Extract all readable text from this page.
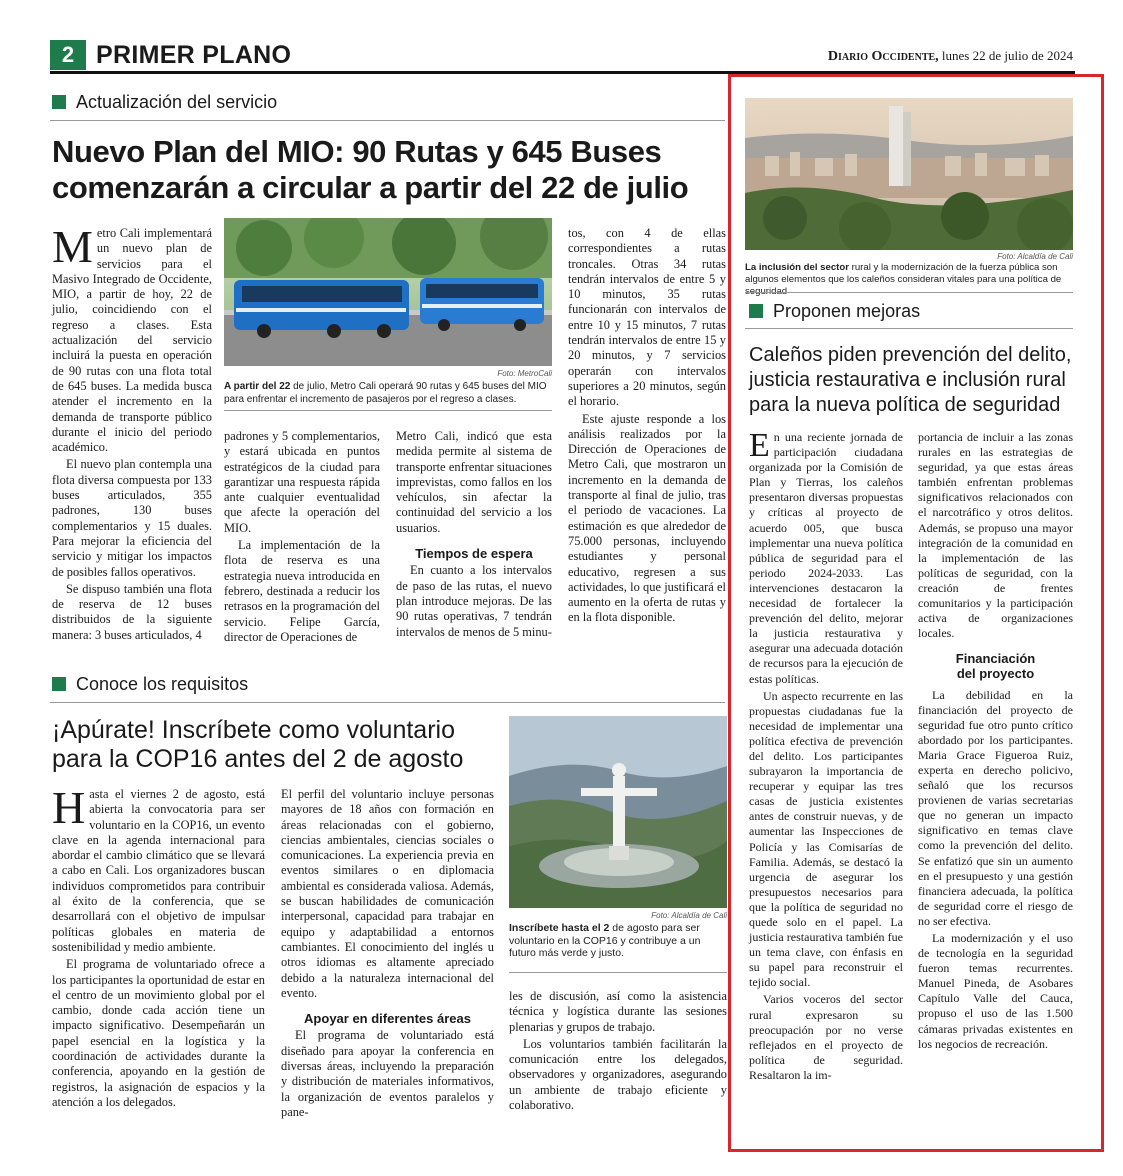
2 PRIMER PLANO	Diario Occidente, lunes 22 de julio de 2024
Actualización del servicio
Nuevo Plan del MIO: 90 Rutas y 645 Buses
comenzarán a circular a partir del 22 de julio
Foto: MetroCali
A partir del 22 de julio, Metro Cali operará 90 rutas y 645 buses del MIO para enfrentar el incremento de pasajeros por el regreso a clases.

Metro Cali implementará un nuevo plan de servicios para el Masivo Integrado de Occidente, MIO, a partir de hoy, 22 de julio, coincidiendo con el regreso a clases. Esta actualización del servicio incluirá la puesta en operación de 90 rutas con una flota total de 645 buses. La medida busca atender el incremento en la demanda de transporte público durante el inicio del periodo académico.

El nuevo plan contempla una flota diversa compuesta por 133 buses articulados, 355 padrones, 130 buses complementarios y 15 duales. Para mejorar la eficiencia del servicio y mitigar los impactos de posibles fallos operativos.

Se dispuso también una flota de reserva de 12 buses distribuidos de la siguiente manera: 3 buses articulados, 4

padrones y 5 complementarios, y estará ubicada en puntos estratégicos de la ciudad para garantizar una respuesta rápida ante cualquier eventualidad que afecte la operación del MIO.

La implementación de la flota de reserva es una estrategia nueva introducida en febrero, destinada a reducir los retrasos en la programación del servicio. Felipe García, director de Operaciones de

Metro Cali, indicó que esta medida permite al sistema de transporte enfrentar situaciones imprevistas, como fallos en los vehículos, sin afectar la continuidad del servicio a los usuarios.

Tiempos de espera

En cuanto a los intervalos de paso de las rutas, el nuevo plan introduce mejoras. De las 90 rutas operativas, 7 tendrán intervalos de menos de 5 minu-

tos, con 4 de ellas correspondientes a rutas troncales. Otras 34 rutas tendrán intervalos de entre 5 y 10 minutos, 35 rutas funcionarán con intervalos de entre 10 y 15 minutos, 7 rutas tendrán intervalos de entre 15 y 20 minutos, y 7 servicios operarán con intervalos superiores a 20 minutos, según el horario.

Este ajuste responde a los análisis realizados por la Dirección de Operaciones de Metro Cali, que mostraron un incremento en la demanda de transporte al final de julio, tras el periodo de vacaciones. La estimación es que alrededor de 75.000 personas, incluyendo estudiantes y personal educativo, regresen a sus actividades, lo que justificará el aumento en la oferta de rutas y en la flota disponible.

Conoce los requisitos
¡Apúrate! Inscríbete como voluntario
para la COP16 antes del 2 de agosto
Foto: Alcaldía de Cali
Inscríbete hasta el 2 de agosto para ser voluntario en la COP16 y contribuye a un futuro más verde y justo.

Hasta el viernes 2 de agosto, está abierta la convocatoria para ser voluntario en la COP16, un evento clave en la agenda internacional para abordar el cambio climático que se llevará a cabo en Cali. Los organizadores buscan individuos comprometidos para contribuir al éxito de la conferencia, que se desarrollará con el objetivo de impulsar políticas globales en materia de sostenibilidad y medio ambiente.

El programa de voluntariado ofrece a los participantes la oportunidad de estar en el centro de un movimiento global por el cambio, donde cada acción tiene un impacto significativo. Desempeñarán un papel esencial en la logística y la coordinación de actividades durante la conferencia, apoyando en la gestión de registros, la asignación de espacios y la atención a los delegados.

El perfil del voluntario incluye personas mayores de 18 años con formación en áreas relacionadas con el gobierno, ciencias ambientales, ciencias sociales o comunicaciones. La experiencia previa en eventos similares o en diplomacia ambiental es considerada valiosa. Además, se buscan habilidades de comunicación interpersonal, capacidad para trabajar en equipo y adaptabilidad a entornos cambiantes. El conocimiento del inglés u otros idiomas es altamente apreciado debido a la naturaleza internacional del evento.

Apoyar en diferentes áreas

El programa de voluntariado está diseñado para apoyar la conferencia en diversas áreas, incluyendo la preparación y distribución de materiales informativos, la organización de eventos paralelos y pane-

les de discusión, así como la asistencia técnica y logística durante las sesiones plenarias y grupos de trabajo.

Los voluntarios también facilitarán la comunicación entre los delegados, observadores y organizadores, asegurando un ambiente de trabajo eficiente y colaborativo.

Foto: Alcaldía de Cali
La inclusión del sector rural y la modernización de la fuerza pública son algunos elementos que los caleños consideran vitales para una política de
Proponen mejoras
Caleños piden prevención del delito,
justicia restaurativa e inclusión rural
para la nueva política de seguridad

En una reciente jornada de participación ciudadana organizada por la Comisión de Plan y Tierras, los caleños presentaron diversas propuestas y críticas al proyecto de acuerdo 005, que busca implementar una nueva política pública de seguridad para el periodo 2024-2033. Las intervenciones destacaron la necesidad de fortalecer la prevención del delito, mejorar la justicia restaurativa y asegurar una adecuada dotación de recursos para la ejecución de estas políticas.

Un aspecto recurrente en las propuestas ciudadanas fue la necesidad de implementar una política efectiva de prevención del delito. Los participantes subrayaron la importancia de recuperar y equipar las tres casas de justicia existentes antes de construir nuevas, y de aumentar las Inspecciones de Policía y las Comisarías de Familia. Además, se destacó la urgencia de asegurar los presupuestos necesarios para que la política de seguridad no quede solo en el papel. La justicia restaurativa también fue un tema clave, con énfasis en su papel para reconstruir el tejido social.

Varios voceros del sector rural expresaron su preocupación por no verse reflejados en el proyecto de política de seguridad. Resaltaron la im-

portancia de incluir a las zonas rurales en las estrategias de seguridad, ya que estas áreas también enfrentan problemas significativos relacionados con el narcotráfico y otros delitos. Además, se propuso una mayor integración de la comunidad en la implementación de las políticas de seguridad, con la creación de frentes comunitarios y la participación activa de organizaciones locales.

Financiación
del proyecto

La debilidad en la financiación del proyecto de seguridad fue otro punto crítico abordado por los participantes. Maria Grace Figueroa Ruiz, experta en derecho policivo, señaló que los recursos provienen de varias secretarias que no generan un impacto significativo en temas clave como la prevención del delito. Se enfatizó que sin un aumento en el presupuesto y una gestión financiera adecuada, la política de seguridad corre el riesgo de no ser efectiva.

La modernización y el uso de tecnología en la seguridad fueron temas recurrentes. Manuel Pineda, de Asobares Capítulo Valle del Cauca, propuso el uso de las 1.500 cámaras privadas existentes en los negocios de recreación.
